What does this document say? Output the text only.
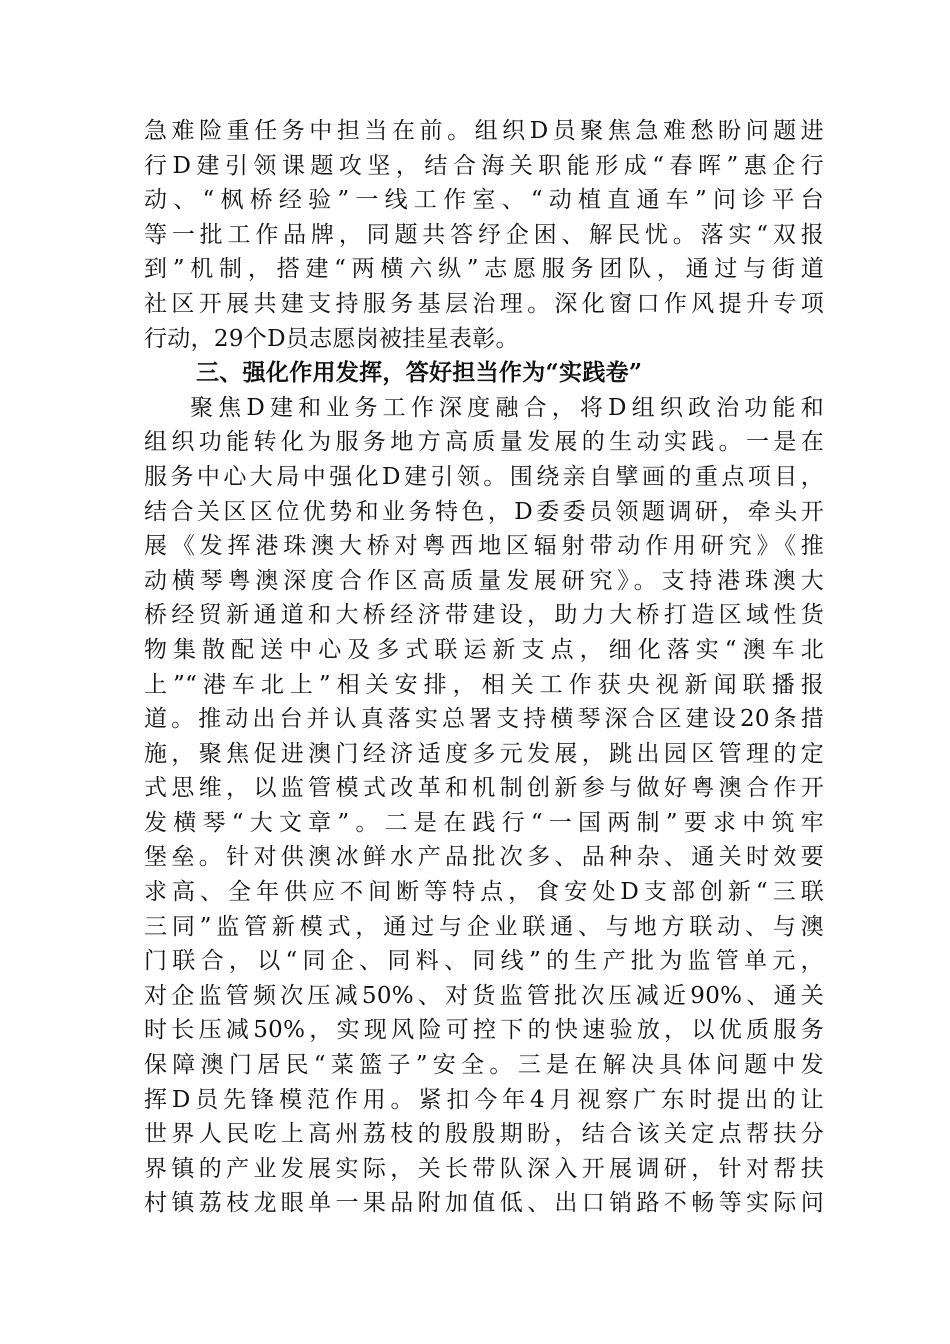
急难险重任务中担当在前。组织D员聚焦急难愁盼问题进
行D建引领课题攻坚，结合海关职能形成“春晖”惠企行
动、“枫桥经验”一线工作室、“动植直通车”问诊平台
等一批工作品牌，同题共答纾企困、解民忧。落实“双报
到”机制，搭建“两横六纵”志愿服务团队，通过与街道
社区开展共建支持服务基层治理。深化窗口作风提升专项
行动，29个D员志愿岗被挂星表彰。
三、强化作用发挥，答好担当作为“实践卷”
聚焦D建和业务工作深度融合，将D组织政治功能和
组织功能转化为服务地方高质量发展的生动实践。一是在
服务中心大局中强化D建引领。围绕亲自擘画的重点项目，
结合关区区位优势和业务特色，D委委员领题调研，牵头开
展《发挥港珠澳大桥对粤西地区辐射带动作用研究》《推
动横琴粤澳深度合作区高质量发展研究》。支持港珠澳大
桥经贸新通道和大桥经济带建设，助力大桥打造区域性货
物集散配送中心及多式联运新支点，细化落实“澳车北
上”“港车北上”相关安排，相关工作获央视新闻联播报
道。推动出台并认真落实总署支持横琴深合区建设20条措
施，聚焦促进澳门经济适度多元发展，跳出园区管理的定
式思维，以监管模式改革和机制创新参与做好粤澳合作开
发横琴“大文章”。二是在践行“一国两制”要求中筑牢
堡垒。针对供澳冰鲜水产品批次多、品种杂、通关时效要
求高、全年供应不间断等特点，食安处D支部创新“三联
三同”监管新模式，通过与企业联通、与地方联动、与澳
门联合，以“同企、同料、同线”的生产批为监管单元，
对企监管频次压减50%、对货监管批次压减近90%、通关
时长压减50%，实现风险可控下的快速验放，以优质服务
保障澳门居民“菜篮子”安全。三是在解决具体问题中发
挥D员先锋模范作用。紧扣今年4月视察广东时提出的让
世界人民吃上高州荔枝的殷殷期盼，结合该关定点帮扶分
界镇的产业发展实际，关长带队深入开展调研，针对帮扶
村镇荔枝龙眼单一果品附加值低、出口销路不畅等实际问
